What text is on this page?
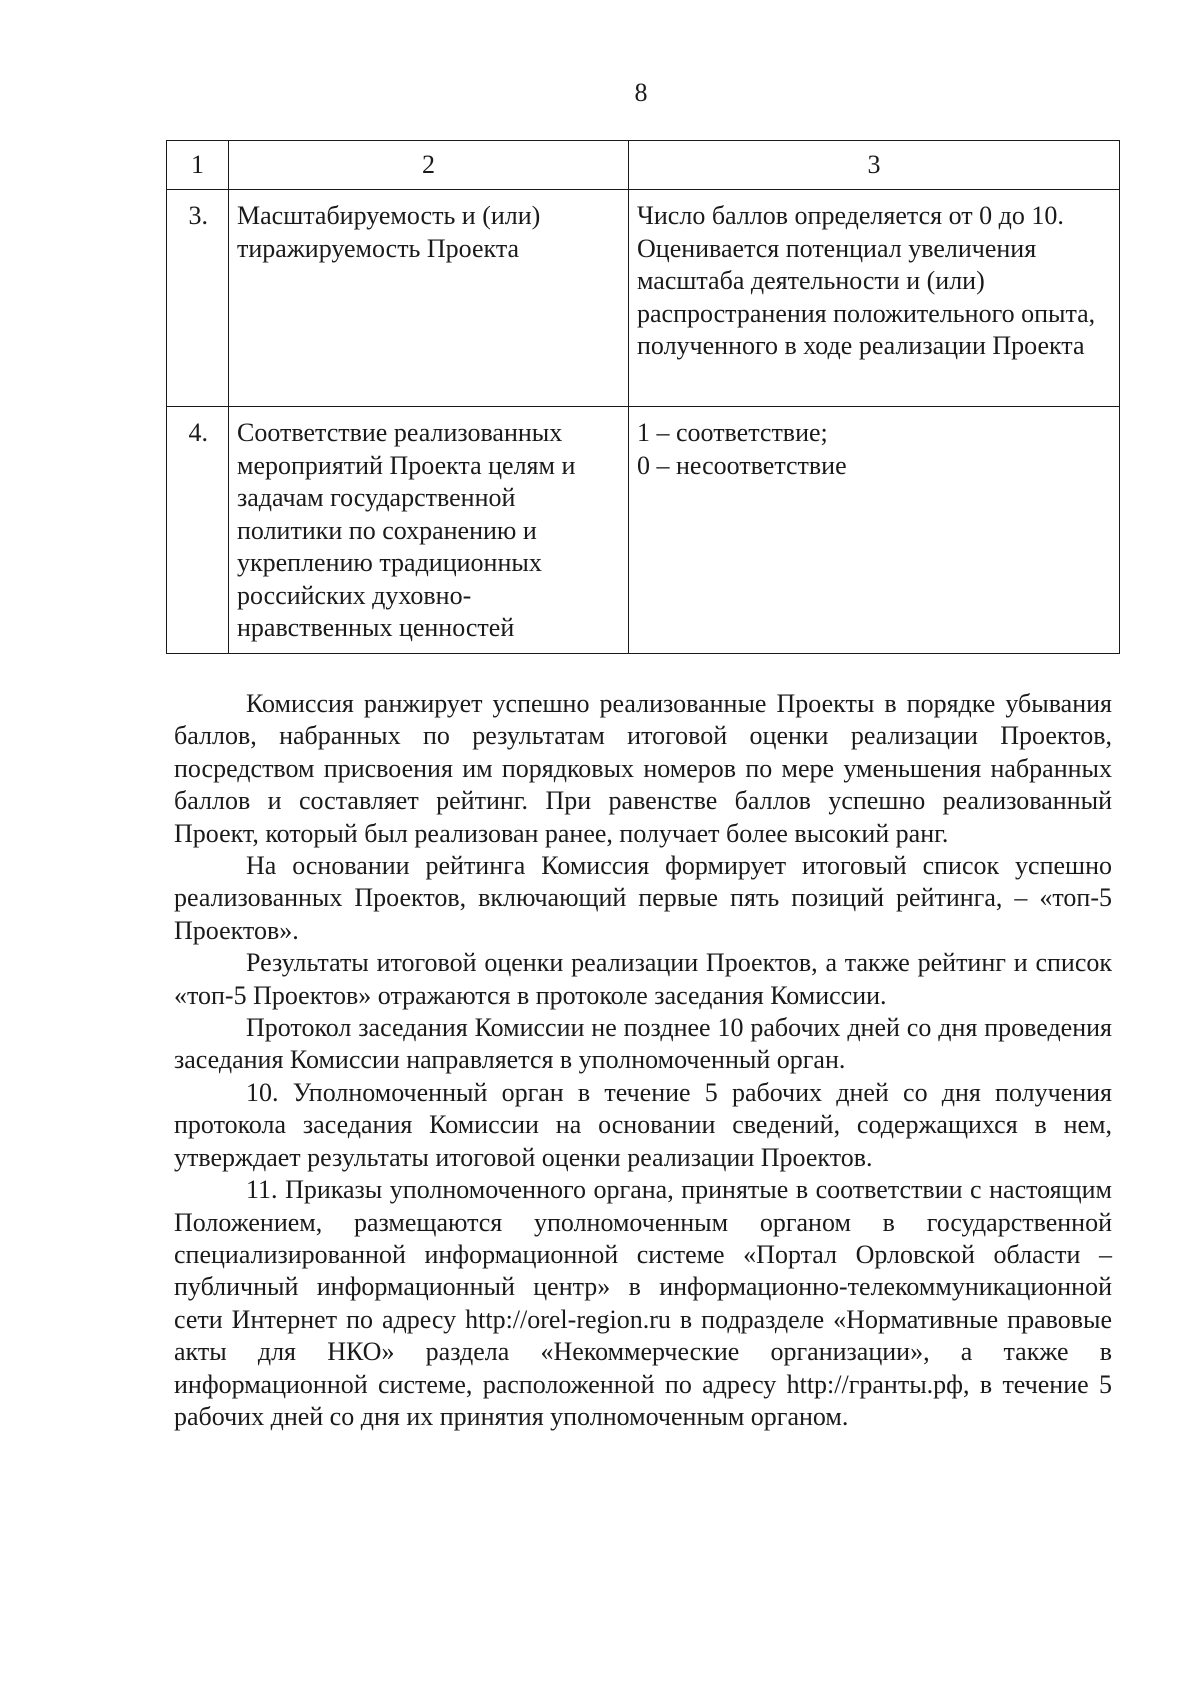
8
1	2	3

3.	Масштабируемость и (или) тиражируемость Проекта	Число баллов определяется от 0 до 10. Оценивается потенциал увеличения масштаба деятельности и (или) распространения положительного опыта, полученного в ходе реализации Проекта

4.	Соответствие реализованных мероприятий Проекта целям и задачам государственной политики по сохранению и укреплению традиционных российских духовно-нравственных ценностей	1 – соответствие;
0 – несоответствие

Комиссия ранжирует успешно реализованные Проекты в порядке убывания баллов, набранных по результатам итоговой оценки реализации Проектов, посредством присвоения им порядковых номеров по мере уменьшения набранных баллов и составляет рейтинг. При равенстве баллов успешно реализованный Проект, который был реализован ранее, получает более высокий ранг.

На основании рейтинга Комиссия формирует итоговый список успешно реализованных Проектов, включающий первые пять позиций рейтинга, – «топ-5 Проектов».

Результаты итоговой оценки реализации Проектов, а также рейтинг и список «топ-5 Проектов» отражаются в протоколе заседания Комиссии.

Протокол заседания Комиссии не позднее 10 рабочих дней со дня проведения заседания Комиссии направляется в уполномоченный орган.

10. Уполномоченный орган в течение 5 рабочих дней со дня получения протокола заседания Комиссии на основании сведений, содержащихся в нем, утверждает результаты итоговой оценки реализации Проектов.

11. Приказы уполномоченного органа, принятые в соответствии с настоящим Положением, размещаются уполномоченным органом в государственной специализированной информационной системе «Портал Орловской области – публичный информационный центр» в информационно-телекоммуникационной сети Интернет по адресу http://orel-region.ru в подразделе «Нормативные правовые акты для НКО» раздела «Некоммерческие организации», а также в информационной системе, расположенной по адресу http://гранты.рф, в течение 5 рабочих дней со дня их принятия уполномоченным органом.
